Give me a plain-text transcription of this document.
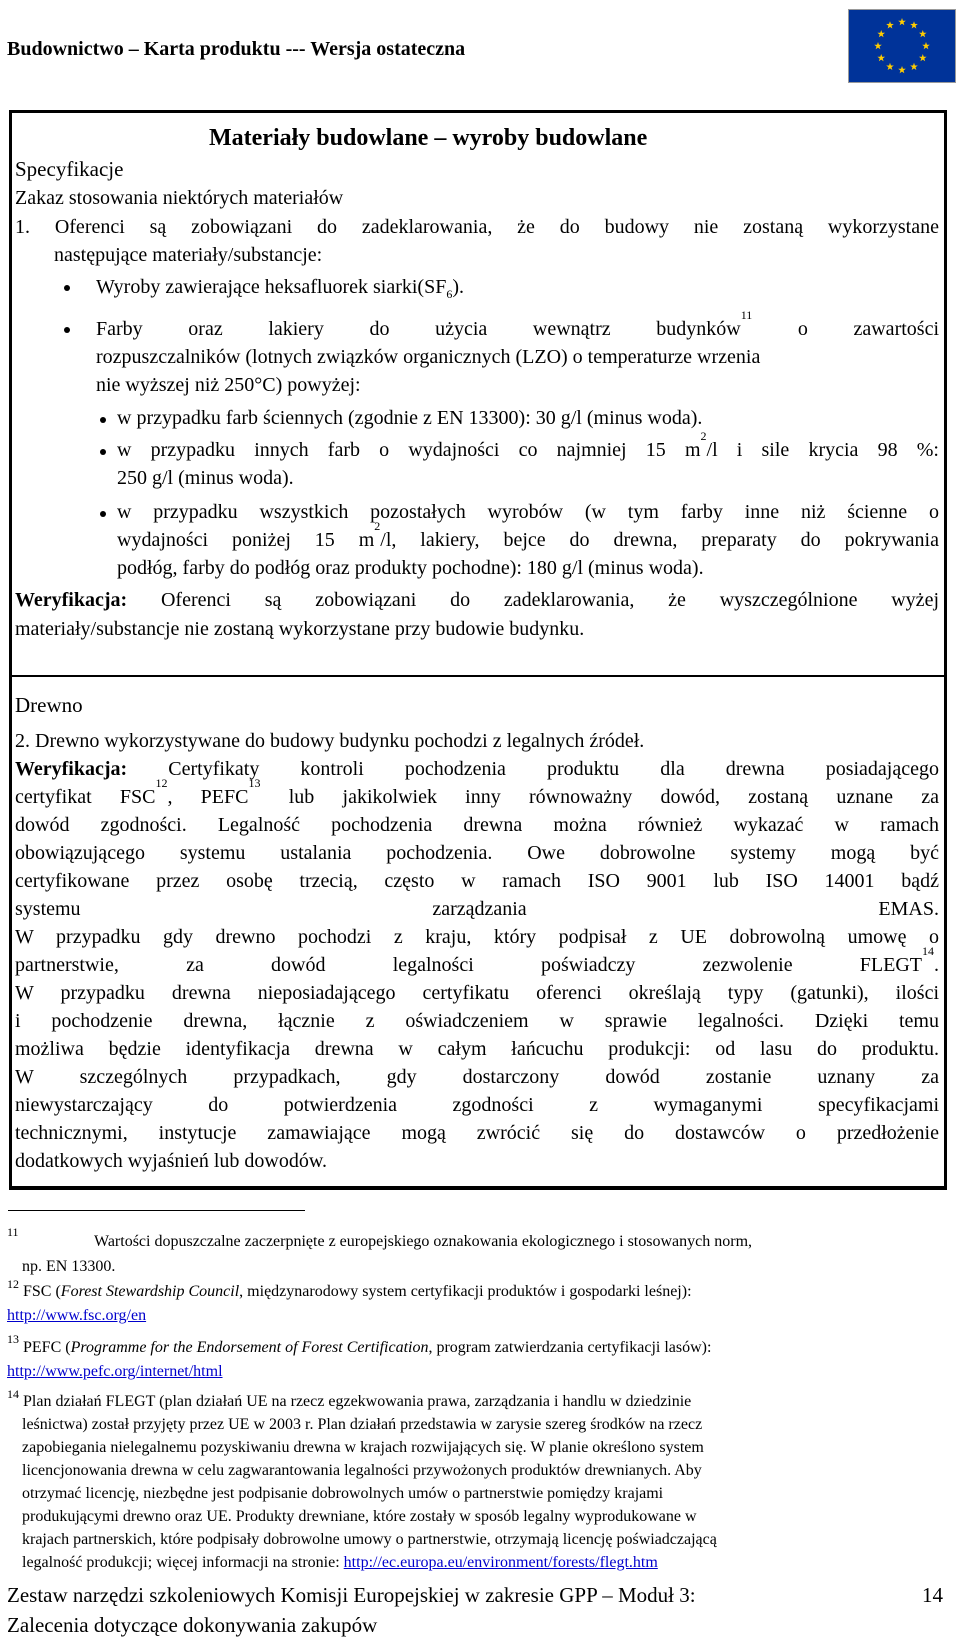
Budownictwo – Karta produktu --- Wersja ostateczna
Materiały budowlane – wyroby budowlane
Specyfikacje
Zakaz stosowania niektórych materiałów
1. Oferenci są zobowiązani do zadeklarowania, że do budowy nie zostaną wykorzystane
następujące materiały/substancje:
Wyroby zawierające heksafluorek $siarki(SF_6)$.
Farby oraz lakiery do użycia wewnątrz budynków$^{11}$ o zawartości
rozpuszczalników (lotnych związków organicznych (LZO) o temperaturze wrzenia
nie wyższej niż 250°C) powyżej:
w przypadku farb ściennych (zgodnie z EN 13300): 30 g/l (minus woda).
w przypadku innych farb o wydajności co najmniej 15 $m^2/l$ i sile krycia 98 %:
250 g/l (minus woda).
w przypadku wszystkich pozostałych wyrobów (w tym farby inne niż ścienne o
wydajności poniżej 15 $m^2/l$, lakiery, bejce do drewna, preparaty do pokrywania
podłóg, farby do podłóg oraz produkty pochodne): 180 g/l (minus woda).
Weryfikacja: Oferenci są zobowiązani do zadeklarowania, że wyszczególnione wyżej
materiały/substancje nie zostaną wykorzystane przy budowie budynku.
Drewno
2. Drewno wykorzystywane do budowy budynku pochodzi z legalnych źródeł.
Weryfikacja: Certyfikaty kontroli pochodzenia produktu dla drewna posiadającego
certyfikat FSC$^{12}$, PEFC$^{13}$ lub jakikolwiek inny równoważny dowód, zostaną uznane za
dowód zgodności. Legalność pochodzenia drewna można również wykazać w ramach
obowiązującego systemu ustalania pochodzenia. Owe dobrowolne systemy mogą być
certyfikowane przez osobę trzecią, często w ramach ISO 9001 lub ISO 14001 bądź
systemu zarządzania EMAS.
W przypadku gdy drewno pochodzi z kraju, który podpisał z UE dobrowolną umowę o
partnerstwie, za dowód legalności poświadczy zezwolenie FLEGT$^{14}$.
W przypadku drewna nieposiadającego certyfikatu oferenci określają typy (gatunki), ilości
i pochodzenie drewna, łącznie z oświadczeniem w sprawie legalności. Dzięki temu
możliwa będzie identyfikacja drewna w całym łańcuchu produkcji: od lasu do produktu.
W szczególnych przypadkach, gdy dostarczony dowód zostanie uznany za
niewystarczający do potwierdzenia zgodności z wymaganymi specyfikacjami
technicznymi, instytucje zamawiające mogą zwrócić się do dostawców o przedłożenie
dodatkowych wyjaśnień lub dowodów.
11
Wartości dopuszczalne zaczerpnięte z europejskiego oznakowania ekologicznego i stosowanych norm,
np. EN 13300.
12 FSC (Forest Stewardship Council, międzynarodowy system certyfikacji produktów i gospodarki leśnej):
http://www.fsc.org/en
13 PEFC (Programme for the Endorsement of Forest Certification, program zatwierdzania certyfikacji lasów):
http://www.pefc.org/internet/html
14 Plan działań FLEGT (plan działań UE na rzecz egzekwowania prawa, zarządzania i handlu w dziedzinie
leśnictwa) został przyjęty przez UE w 2003 r. Plan działań przedstawia w zarysie szereg środków na rzecz
zapobiegania nielegalnemu pozyskiwaniu drewna w krajach rozwijających się. W planie określono system
licencjonowania drewna w celu zagwarantowania legalności przywożonych produktów drewnianych. Aby
otrzymać licencję, niezbędne jest podpisanie dobrowolnych umów o partnerstwie pomiędzy krajami
produkującymi drewno oraz UE. Produkty drewniane, które zostały w sposób legalny wyprodukowane w
krajach partnerskich, które podpisały dobrowolne umowy o partnerstwie, otrzymają licencję poświadczającą
legalność produkcji; więcej informacji na stronie: http://ec.europa.eu/environment/forests/flegt.htm
Zestaw narzędzi szkoleniowych Komisji Europejskiej w zakresie GPP – Moduł 3:
Zalecenia dotyczące dokonywania zakupów
14
